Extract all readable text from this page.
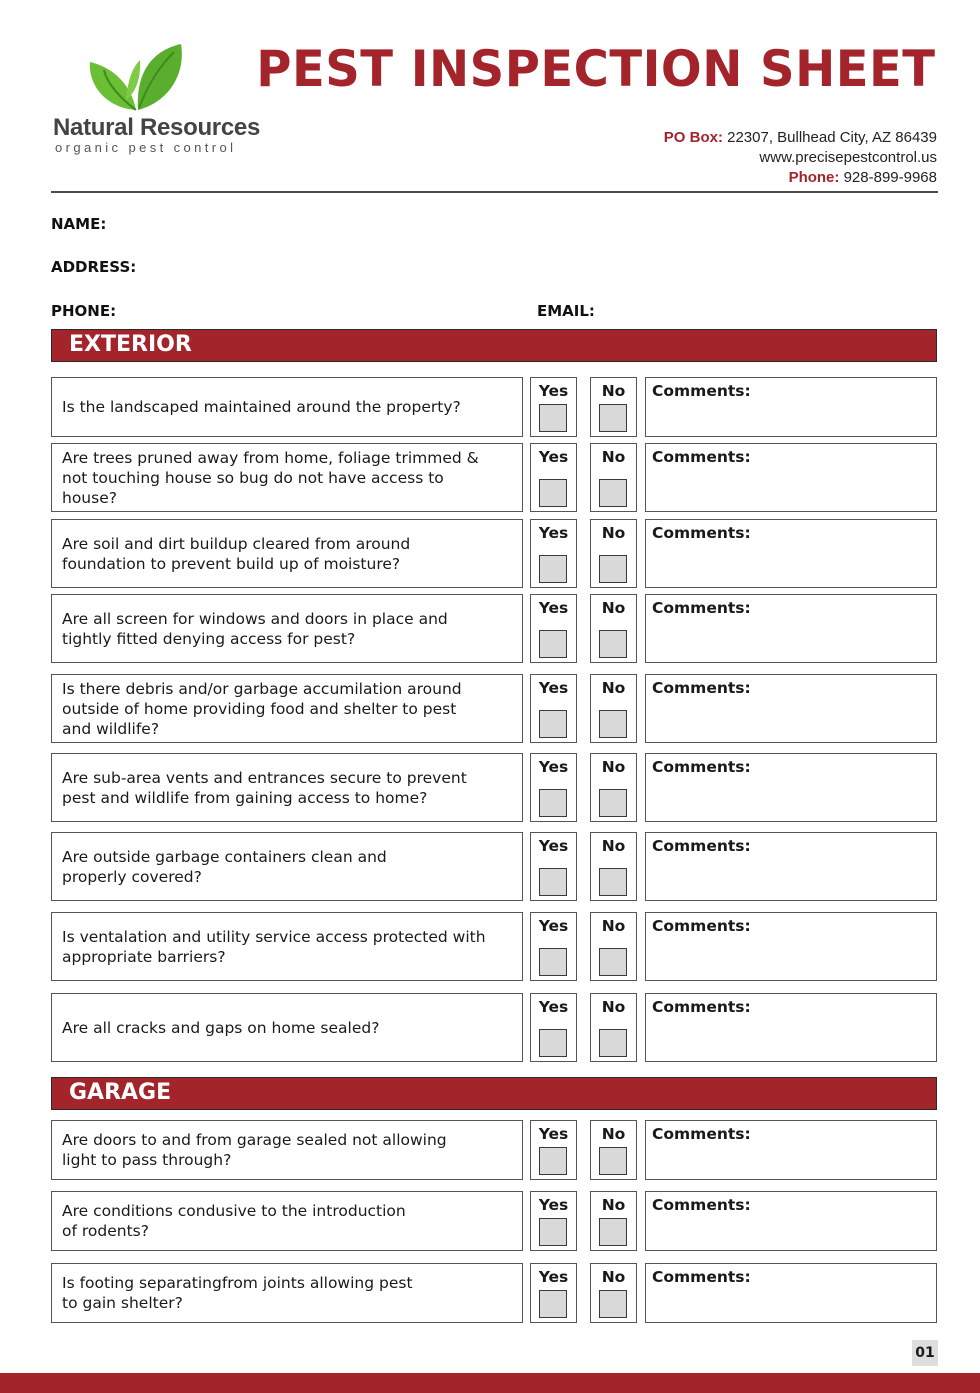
Natural Resources
organic pest control
PEST INSPECTION SHEET
PO Box: 22307, Bullhead City, AZ 86439
www.precisepestcontrol.us
Phone: 928-899-9968
NAME:
ADDRESS:
PHONE:	EMAIL:
EXTERIOR
Is the landscaped maintained around the property?
Yes	No	Comments:
Are trees pruned away from home, foliage trimmed &
not touching house so bug do not have access to
house?
Yes	No	Comments:
Are soil and dirt buildup cleared from around
foundation to prevent build up of moisture?
Yes	No	Comments:
Are all screen for windows and doors in place and
tightly fitted denying access for pest?
Yes	No	Comments:
Is there debris and/or garbage accumilation around
outside of home providing food and shelter to pest
and wildlife?
Yes	No	Comments:
Are sub-area vents and entrances secure to prevent
pest and wildlife from gaining access to home?
Yes	No	Comments:
Are outside garbage containers clean and
properly covered?
Yes	No	Comments:
Is ventalation and utility service access protected with
appropriate barriers?
Yes	No	Comments:
Are all cracks and gaps on home sealed?
Yes	No	Comments:
GARAGE
Are doors to and from garage sealed not allowing
light to pass through?
Yes	No	Comments:
Are conditions condusive to the introduction
of rodents?
Yes	No	Comments:
Is footing separatingfrom joints allowing pest
to gain shelter?
Yes	No	Comments:
01
